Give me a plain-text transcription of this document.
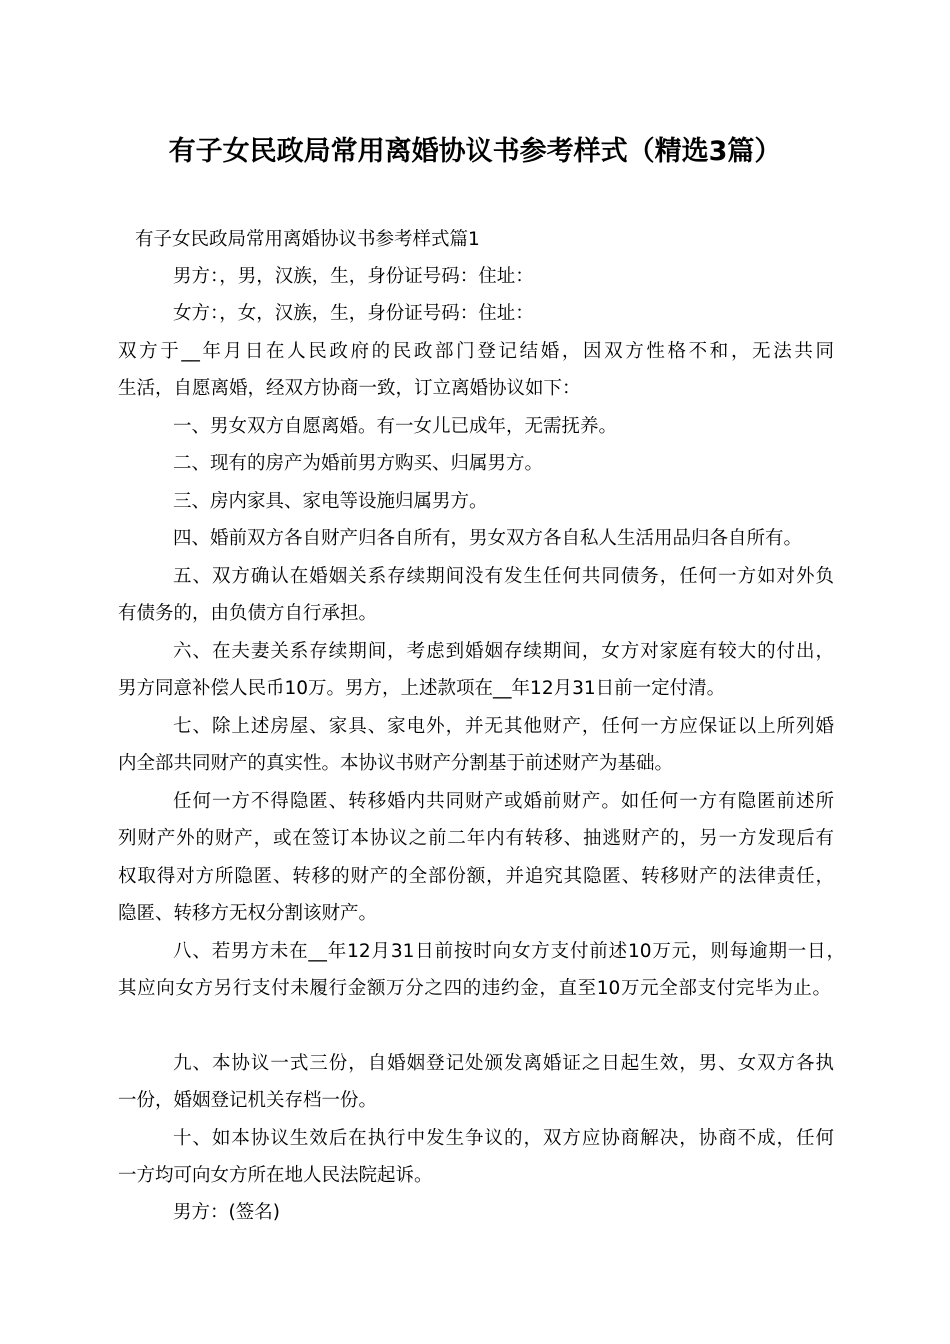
有子女民政局常用离婚协议书参考样式（精选3篇）
有子女民政局常用离婚协议书参考样式篇1
男方：，男，汉族，生，身份证号码：住址：
女方：，女，汉族，生，身份证号码：住址：
双方于__年月日在人民政府的民政部门登记结婚，因双方性格不和，无法共同
生活，自愿离婚，经双方协商一致，订立离婚协议如下：
一、男女双方自愿离婚。有一女儿已成年，无需抚养。
二、现有的房产为婚前男方购买、归属男方。
三、房内家具、家电等设施归属男方。
四、婚前双方各自财产归各自所有，男女双方各自私人生活用品归各自所有。
五、双方确认在婚姻关系存续期间没有发生任何共同债务，任何一方如对外负
有债务的，由负债方自行承担。
六、在夫妻关系存续期间，考虑到婚姻存续期间，女方对家庭有较大的付出，
男方同意补偿人民币10万。男方，上述款项在__年12月31日前一定付清。
七、除上述房屋、家具、家电外，并无其他财产，任何一方应保证以上所列婚
内全部共同财产的真实性。本协议书财产分割基于前述财产为基础。
任何一方不得隐匿、转移婚内共同财产或婚前财产。如任何一方有隐匿前述所
列财产外的财产，或在签订本协议之前二年内有转移、抽逃财产的，另一方发现后有
权取得对方所隐匿、转移的财产的全部份额，并追究其隐匿、转移财产的法律责任，
隐匿、转移方无权分割该财产。
八、若男方未在__年12月31日前按时向女方支付前述10万元，则每逾期一日，
其应向女方另行支付未履行金额万分之四的违约金，直至10万元全部支付完毕为止。
九、本协议一式三份，自婚姻登记处颁发离婚证之日起生效，男、女双方各执
一份，婚姻登记机关存档一份。
十、如本协议生效后在执行中发生争议的，双方应协商解决，协商不成，任何
一方均可向女方所在地人民法院起诉。
男方：(签名)
